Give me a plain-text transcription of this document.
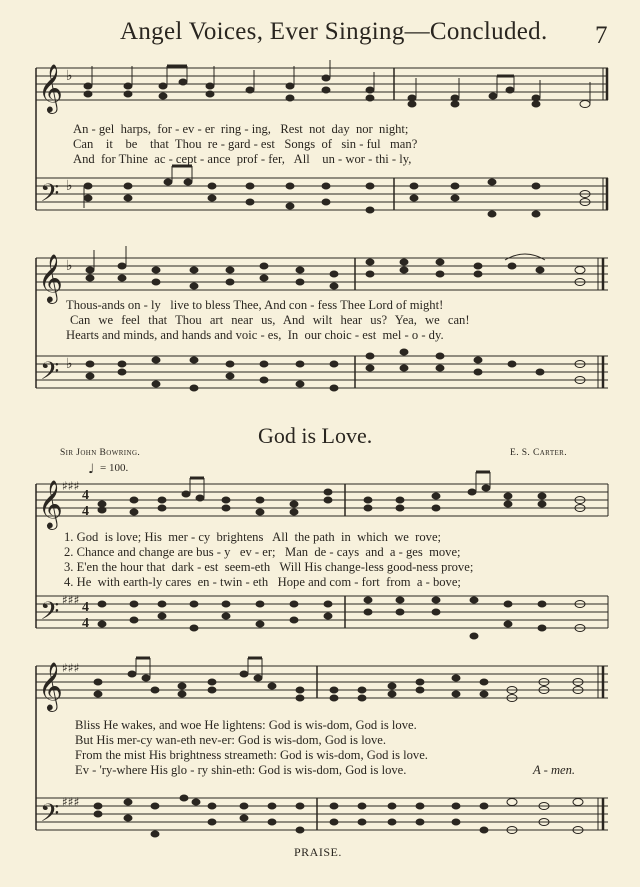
Angel Voices, Ever Singing—Concluded. 7
𝄞
𝄢
𝄞
𝄢
𝄞
𝄢
𝄞
𝄢
♭
♭
♭
♭
♯♯♯
♯♯♯
♯♯♯
♯♯♯
4
4
4
4
♩
An - gel  harps,  for - ev - er  ring - ing,   Rest  not  day  nor  night;
Can    it    be    that  Thou  re - gard - est   Songs  of   sin - ful   man?
And  for Thine  ac - cept - ance  prof - fer,   All    un - wor - thi - ly,
Thous-ands on - ly   live to bless Thee, And con - fess Thee Lord of might!
Can we feel that Thou art near us, And wilt hear us? Yea, we can!
Hearts and minds, and hands and voic - es,  In  our choic - est  mel - o - dy.
God is Love.
Sir John Bowring.	E. S. Carter.
= 100.
1. God  is love; His  mer - cy  brightens   All  the path  in  which  we  rove;
2. Chance and change are bus - y   ev - er;   Man  de - cays  and  a - ges  move;
3. E'en the hour that  dark - est  seem-eth   Will His change-less good-ness prove;
4. He  with earth-ly cares  en - twin - eth   Hope and com - fort  from  a - bove;
Bliss He wakes, and woe He lightens: God is wis-dom, God is love.
But His mer-cy wan-eth nev-er: God is wis-dom, God is love.
From the mist His brightness streameth: God is wis-dom, God is love.
Ev - 'ry-where His glo - ry shin-eth: God is wis-dom, God is love.	A - men.
PRAISE.
